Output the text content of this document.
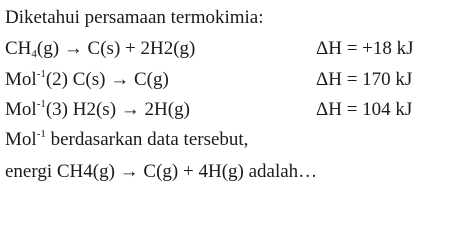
Diketahui persamaan termokimia:
$CH_4(g) \to C(s) + 2H2(g)$	ΔH = +18 kJ
Mol$^{-1}$(2) C(s) → C(g)	ΔH = 170 kJ
Mol$^{-1}$(3) H2(s) → 2H(g)	ΔH = 104 kJ
Mol$^{-1}$ berdasarkan data tersebut,
energi CH4(g) → C(g) + 4H(g) adalah…
